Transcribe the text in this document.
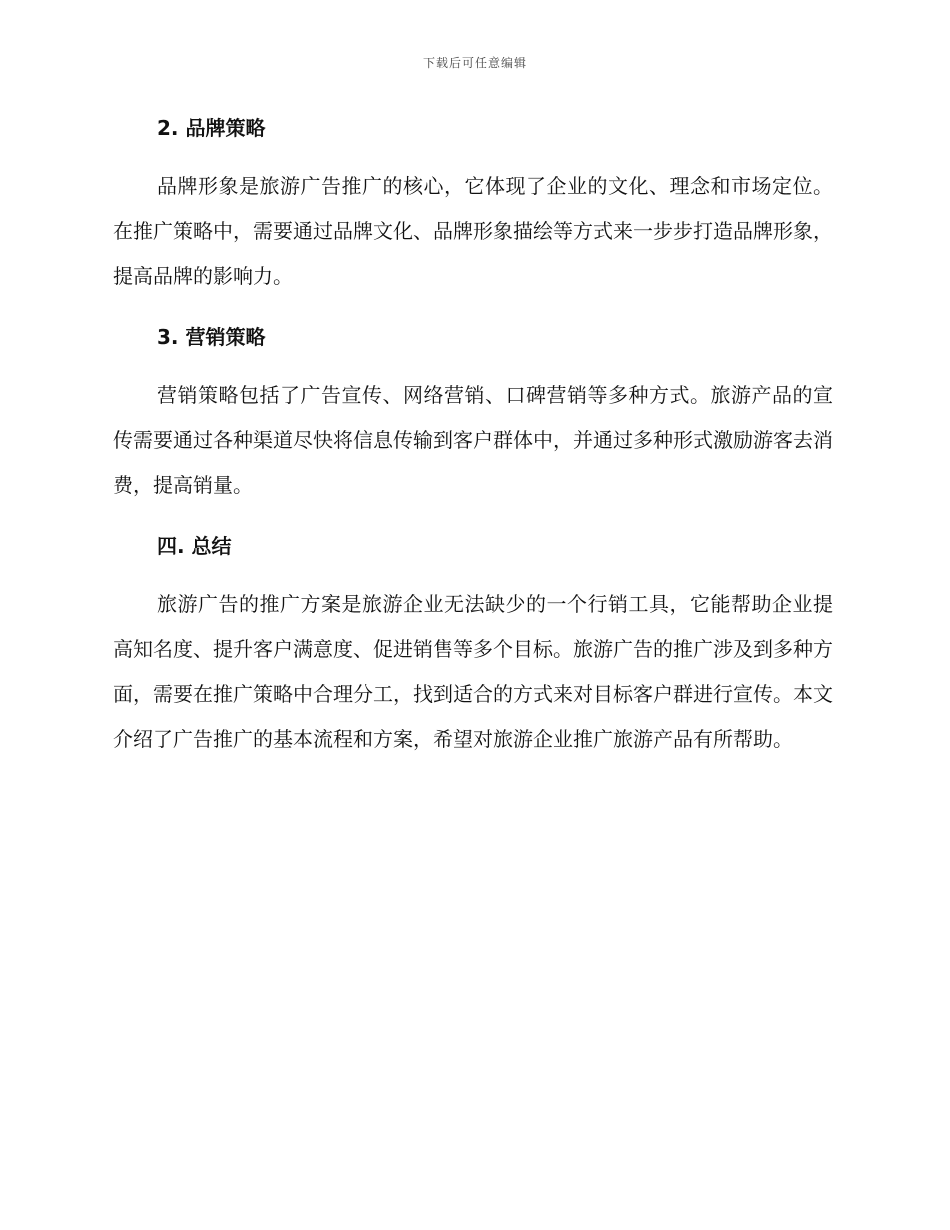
下载后可任意编辑
2. 品牌策略

品牌形象是旅游广告推广的核心，它体现了企业的文化、理念和市场定位。在推广策略中，需要通过品牌文化、品牌形象描绘等方式来一步步打造品牌形象，提高品牌的影响力。

3. 营销策略

营销策略包括了广告宣传、网络营销、口碑营销等多种方式。旅游产品的宣传需要通过各种渠道尽快将信息传输到客户群体中，并通过多种形式激励游客去消费，提高销量。

四. 总结

旅游广告的推广方案是旅游企业无法缺少的一个行销工具，它能帮助企业提高知名度、提升客户满意度、促进销售等多个目标。旅游广告的推广涉及到多种方面，需要在推广策略中合理分工，找到适合的方式来对目标客户群进行宣传。本文介绍了广告推广的基本流程和方案，希望对旅游企业推广旅游产品有所帮助。
